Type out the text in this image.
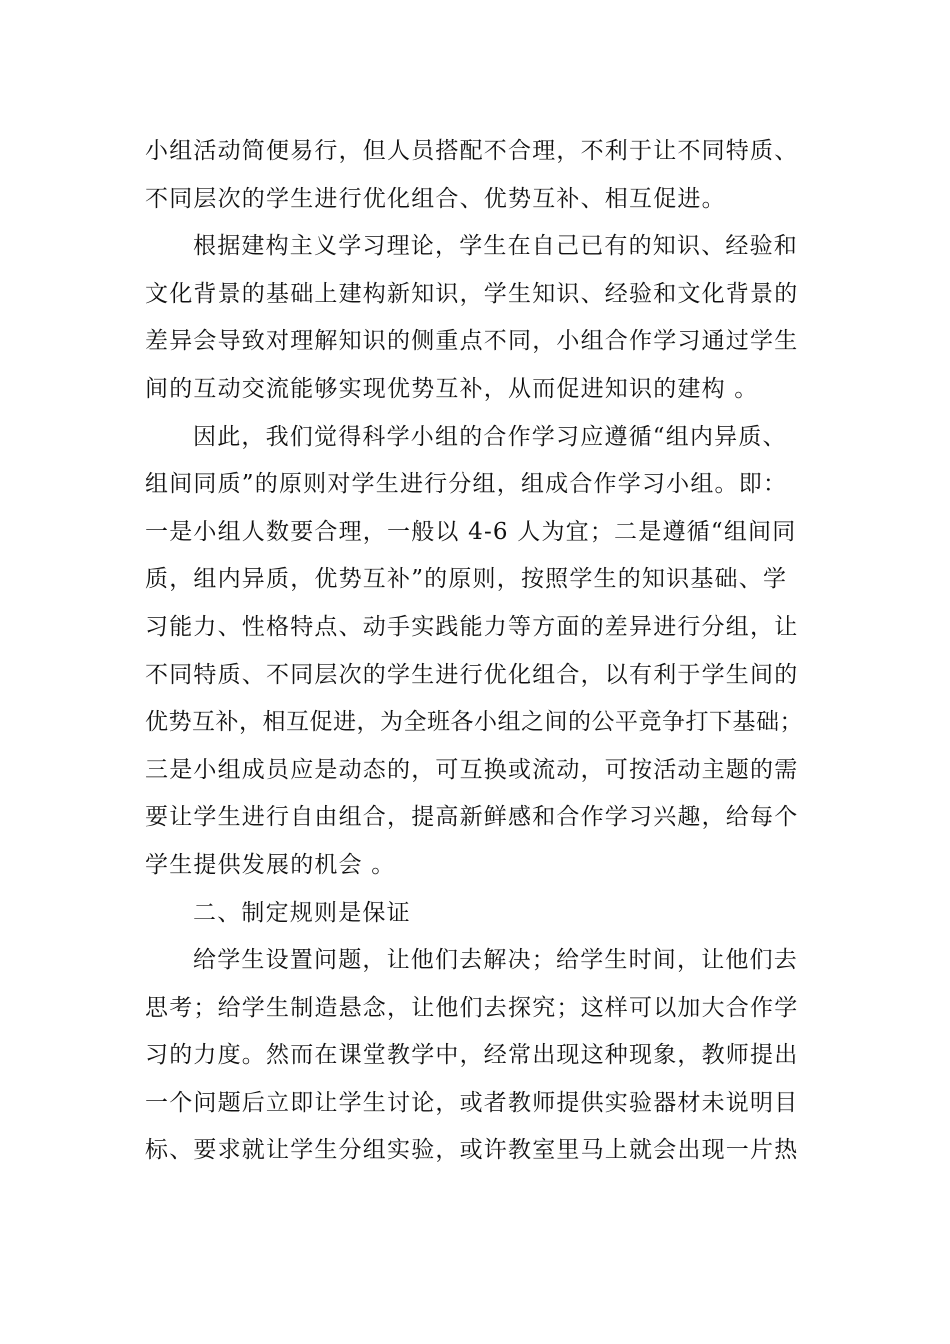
小组活动简便易行，但人员搭配不合理，不利于让不同特质、
不同层次的学生进行优化组合、优势互补、相互促进。
根据建构主义学习理论，学生在自己已有的知识、经验和
文化背景的基础上建构新知识，学生知识、经验和文化背景的
差异会导致对理解知识的侧重点不同，小组合作学习通过学生
间的互动交流能够实现优势互补，从而促进知识的建构 。
因此，我们觉得科学小组的合作学习应遵循“组内异质、
组间同质”的原则对学生进行分组，组成合作学习小组。即：
一是小组人数要合理，一般以 4-6 人为宜；二是遵循“组间同
质，组内异质，优势互补”的原则，按照学生的知识基础、学
习能力、性格特点、动手实践能力等方面的差异进行分组，让
不同特质、不同层次的学生进行优化组合，以有利于学生间的
优势互补，相互促进，为全班各小组之间的公平竞争打下基础；
三是小组成员应是动态的，可互换或流动，可按活动主题的需
要让学生进行自由组合，提高新鲜感和合作学习兴趣，给每个
学生提供发展的机会 。
二、制定规则是保证
给学生设置问题，让他们去解决；给学生时间，让他们去
思考；给学生制造悬念，让他们去探究；这样可以加大合作学
习的力度。然而在课堂教学中，经常出现这种现象，教师提出
一个问题后立即让学生讨论，或者教师提供实验器材未说明目
标、要求就让学生分组实验，或许教室里马上就会出现一片热
